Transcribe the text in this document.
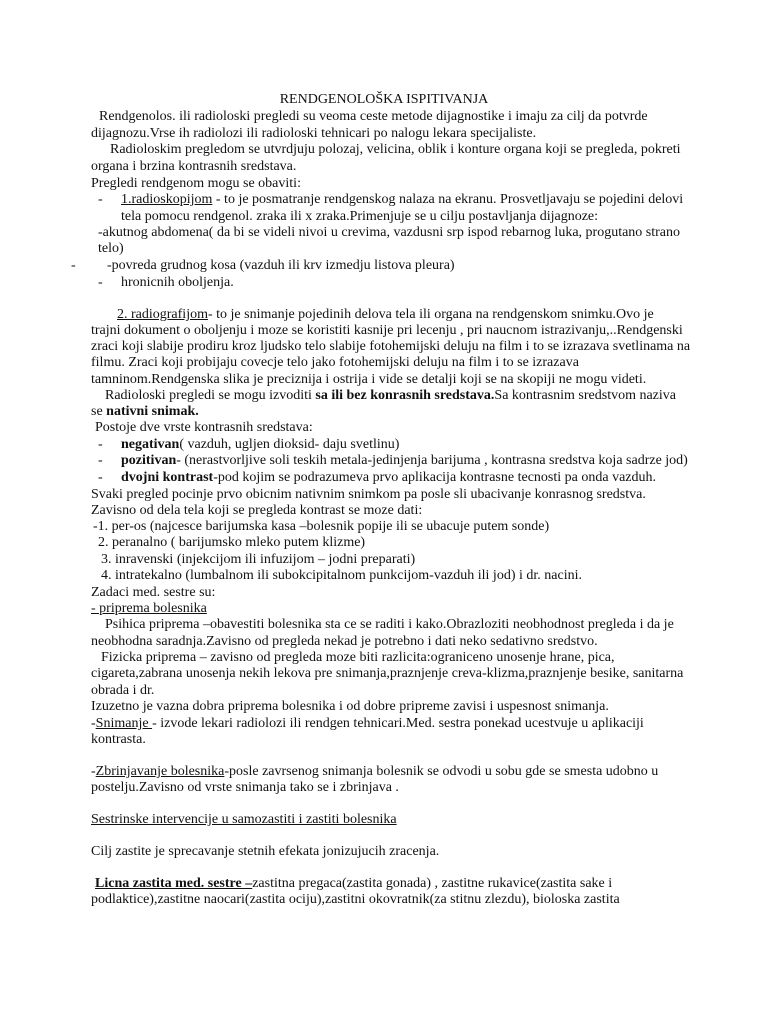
RENDGENOLOŠKA ISPITIVANJA
Rendgenolos. ili radioloski pregledi su veoma ceste metode dijagnostike i imaju za cilj da potvrde
dijagnozu.Vrse ih radiolozi ili radioloski tehnicari po nalogu lekara specijaliste.
Radioloskim pregledom se utvrdjuju polozaj, velicina, oblik i konture organa koji se pregleda, pokreti
organa i brzina kontrasnih sredstava.
Pregledi rendgenom mogu se obaviti:
- 1.radioskopijom - to je posmatranje rendgenskog nalaza na ekranu. Prosvetljavaju se pojedini delovi
tela pomocu rendgenol. zraka ili x zraka.Primenjuje se u cilju postavljanja dijagnoze:
-akutnog abdomena( da bi se videli nivoi u crevima, vazdusni srp ispod rebarnog luka, progutano strano
telo)
- -povreda grudnog kosa (vazduh ili krv izmedju listova pleura)
- hronicnih oboljenja.
2. radiografijom- to je snimanje pojedinih delova tela ili organa na rendgenskom snimku.Ovo je
trajni dokument o oboljenju i moze se koristiti kasnije pri lecenju , pri naucnom istrazivanju,..Rendgenski
zraci koji slabije prodiru kroz ljudsko telo slabije fotohemijski deluju na film i to se izrazava svetlinama na
filmu. Zraci koji probijaju covecje telo jako fotohemijski deluju na film i to se izrazava
tamninom.Rendgenska slika je preciznija i ostrija i vide se detalji koji se na skopiji ne mogu videti.
Radioloski pregledi se mogu izvoditi sa ili bez konrasnih sredstava.Sa kontrasnim sredstvom naziva
se nativni snimak.
Postoje dve vrste kontrasnih sredstava:
- negativan( vazduh, ugljen dioksid- daju svetlinu)
- pozitivan- (nerastvorljive soli teskih metala-jedinjenja barijuma , kontrasna sredstva koja sadrze jod)
- dvojni kontrast-pod kojim se podrazumeva prvo aplikacija kontrasne tecnosti pa onda vazduh.
Svaki pregled pocinje prvo obicnim nativnim snimkom pa posle sli ubacivanje konrasnog sredstva.
Zavisno od dela tela koji se pregleda kontrast se moze dati:
-1. per-os (najcesce barijumska kasa –bolesnik popije ili se ubacuje putem sonde)
2. peranalno ( barijumsko mleko putem klizme)
3. inravenski (injekcijom ili infuzijom – jodni preparati)
4. intratekalno (lumbalnom ili subokcipitalnom punkcijom-vazduh ili jod) i dr. nacini.
Zadaci med. sestre su:
- priprema bolesnika
Psihica priprema –obavestiti bolesnika sta ce se raditi i kako.Obrazloziti neobhodnost pregleda i da je
neobhodna saradnja.Zavisno od pregleda nekad je potrebno i dati neko sedativno sredstvo.
Fizicka priprema – zavisno od pregleda moze biti razlicita:ograniceno unosenje hrane, pica,
cigareta,zabrana unosenja nekih lekova pre snimanja,praznjenje creva-klizma,praznjenje besike, sanitarna
obrada i dr.
Izuzetno je vazna dobra priprema bolesnika i od dobre pripreme zavisi i uspesnost snimanja.
-Snimanje - izvode lekari radiolozi ili rendgen tehnicari.Med. sestra ponekad ucestvuje u aplikaciji
kontrasta.
-Zbrinjavanje bolesnika-posle zavrsenog snimanja bolesnik se odvodi u sobu gde se smesta udobno u
postelju.Zavisno od vrste snimanja tako se i zbrinjava .
Sestrinske intervencije u samozastiti i zastiti bolesnika
Cilj zastite je sprecavanje stetnih efekata jonizujucih zracenja.
Licna zastita med. sestre –zastitna pregaca(zastita gonada) , zastitne rukavice(zastita sake i
podlaktice),zastitne naocari(zastita ociju),zastitni okovratnik(za stitnu zlezdu), bioloska zastita
